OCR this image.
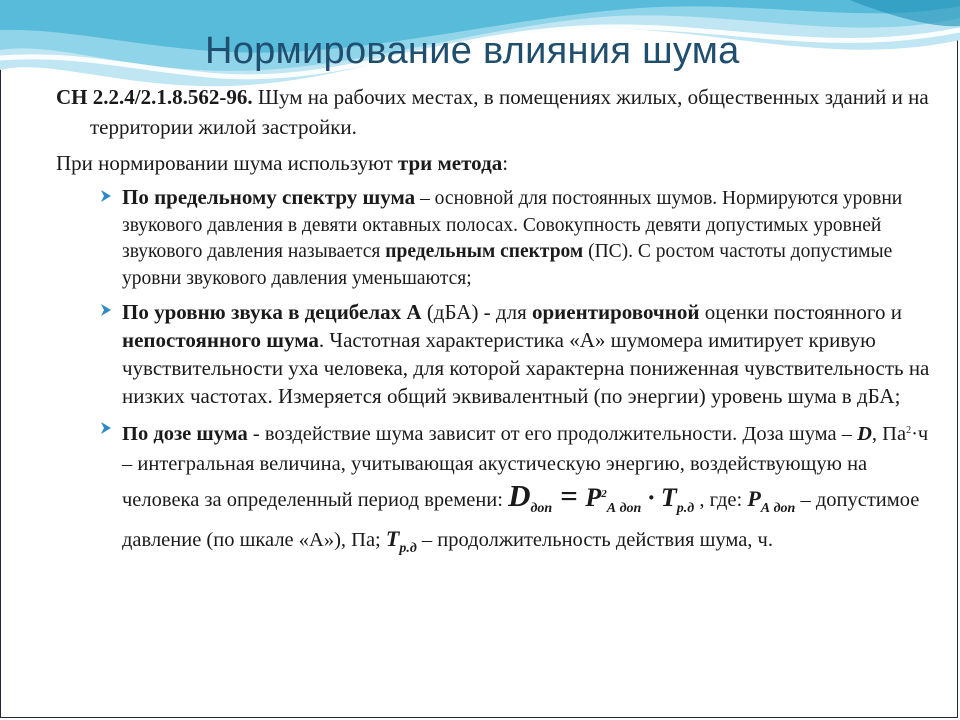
Нормирование влияния шума

СН 2.2.4/2.1.8.562-96. Шум на рабочих местах, в помещениях жилых, общественных зданий и на территории жилой застройки.

При нормировании шума используют три метода:

По предельному спектру шума – основной для постоянных шумов. Нормируются уровни звукового давления в девяти октавных полосах. Совокупность девяти допустимых уровней звукового давления называется предельным спектром (ПС). С ростом частоты допустимые уровни звукового давления уменьшаются;
По уровню звука в децибелах А (дБА) - для ориентировочной оценки постоянного и непостоянного шума. Частотная характеристика «А» шумомера имитирует кривую чувствительности уха человека, для которой характерна пониженная чувствительность на низких частотах. Измеряется общий эквивалентный (по энергии) уровень шума в дБА;
По дозе шума - воздействие шума зависит от его продолжительности. Доза шума – D, $Па^2\cdot ч$ – интегральная величина, учитывающая акустическую энергию, воздействующую на человека за определенный период времени: $D_{доп} = P^2_{А доп} \cdot T_{р.д}$ , где: $P_{А доп}$ – допустимое давление (по шкале «А»), Па; $T_{р.д}$ – продолжительность действия шума, ч.
